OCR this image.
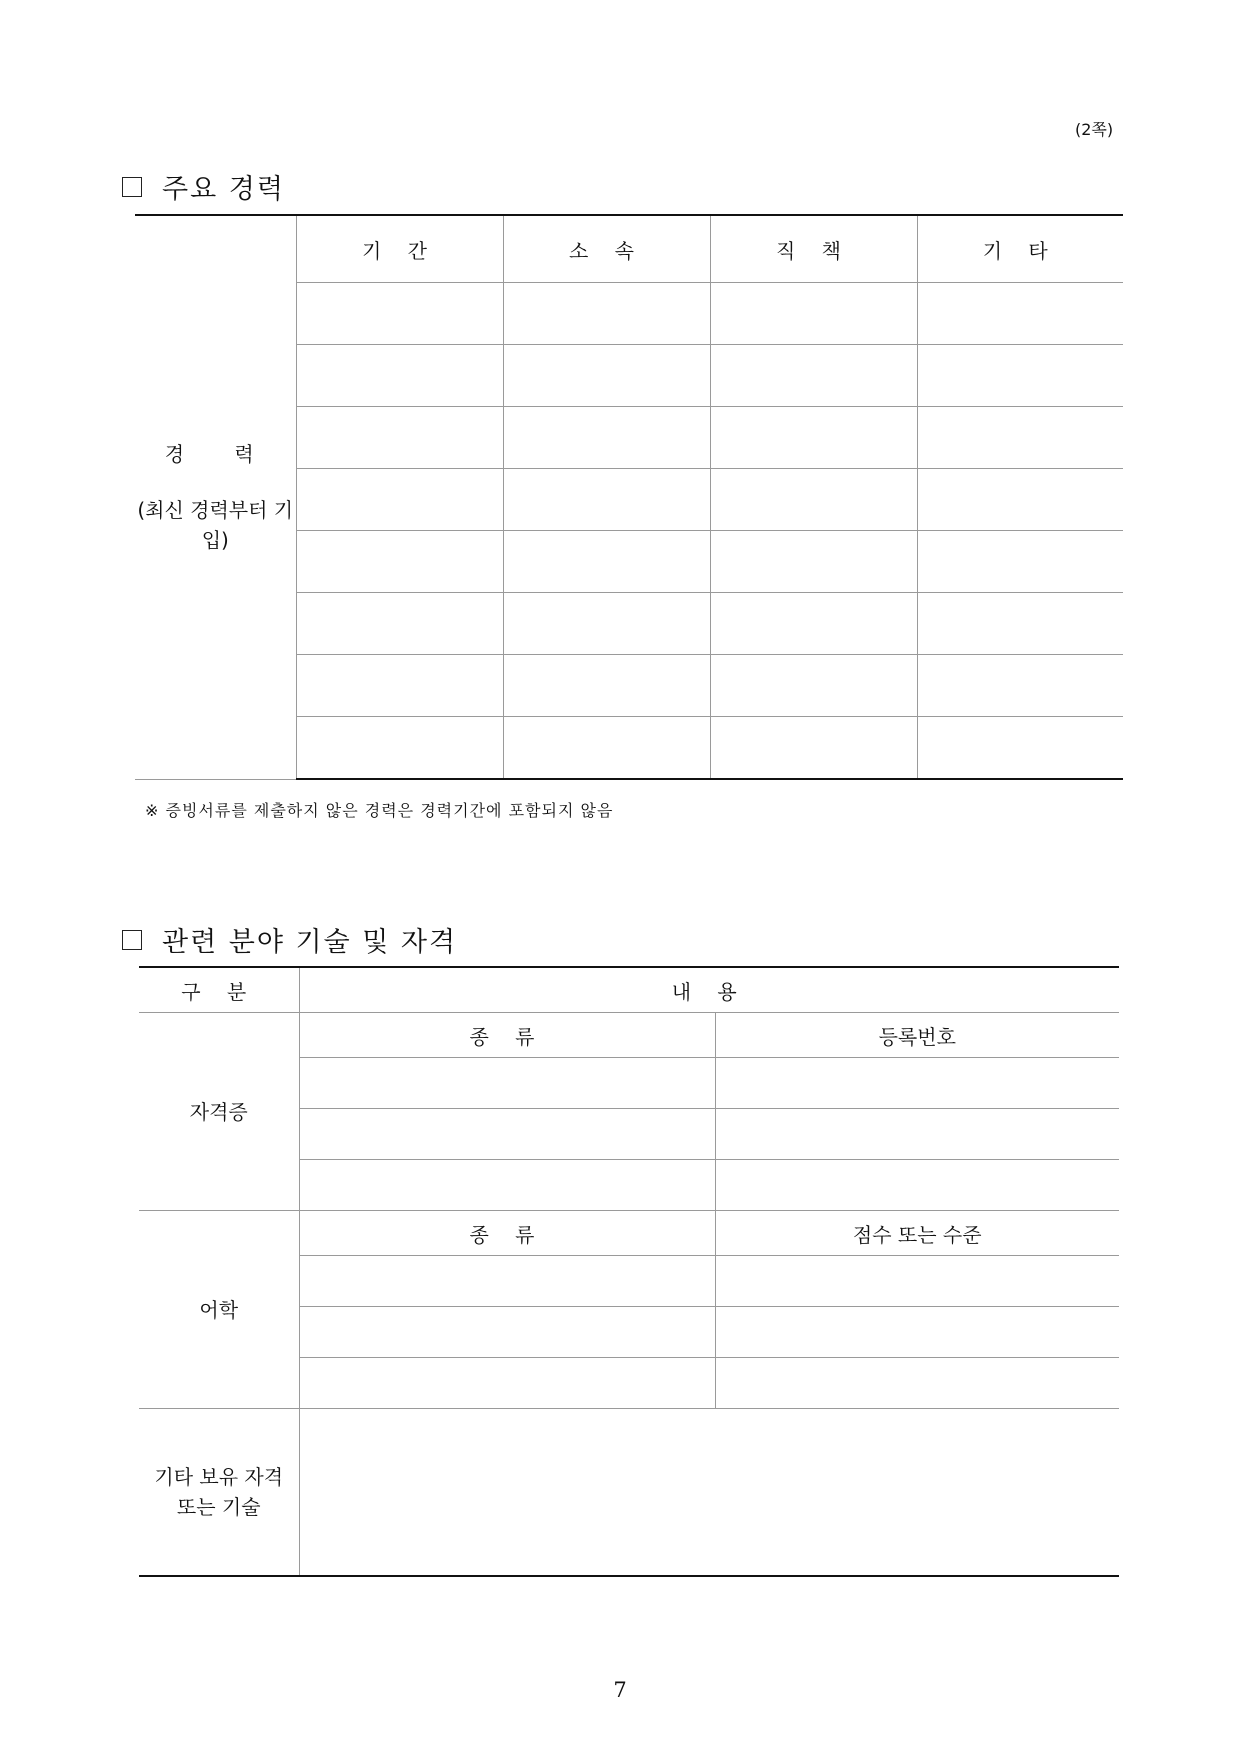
(2쪽)
주요 경력
경 력
(최신 경력부터 기입)	기 간	소 속	직 책	기 타

※ 증빙서류를 제출하지 않은 경력은 경력기간에 포함되지 않음
관련 분야 기술 및 자격
구 분	내 용	
자격증	종 류	등록번호

어학	종 류	점수 또는 수준

기타 보유 자격
또는 기술		

7
